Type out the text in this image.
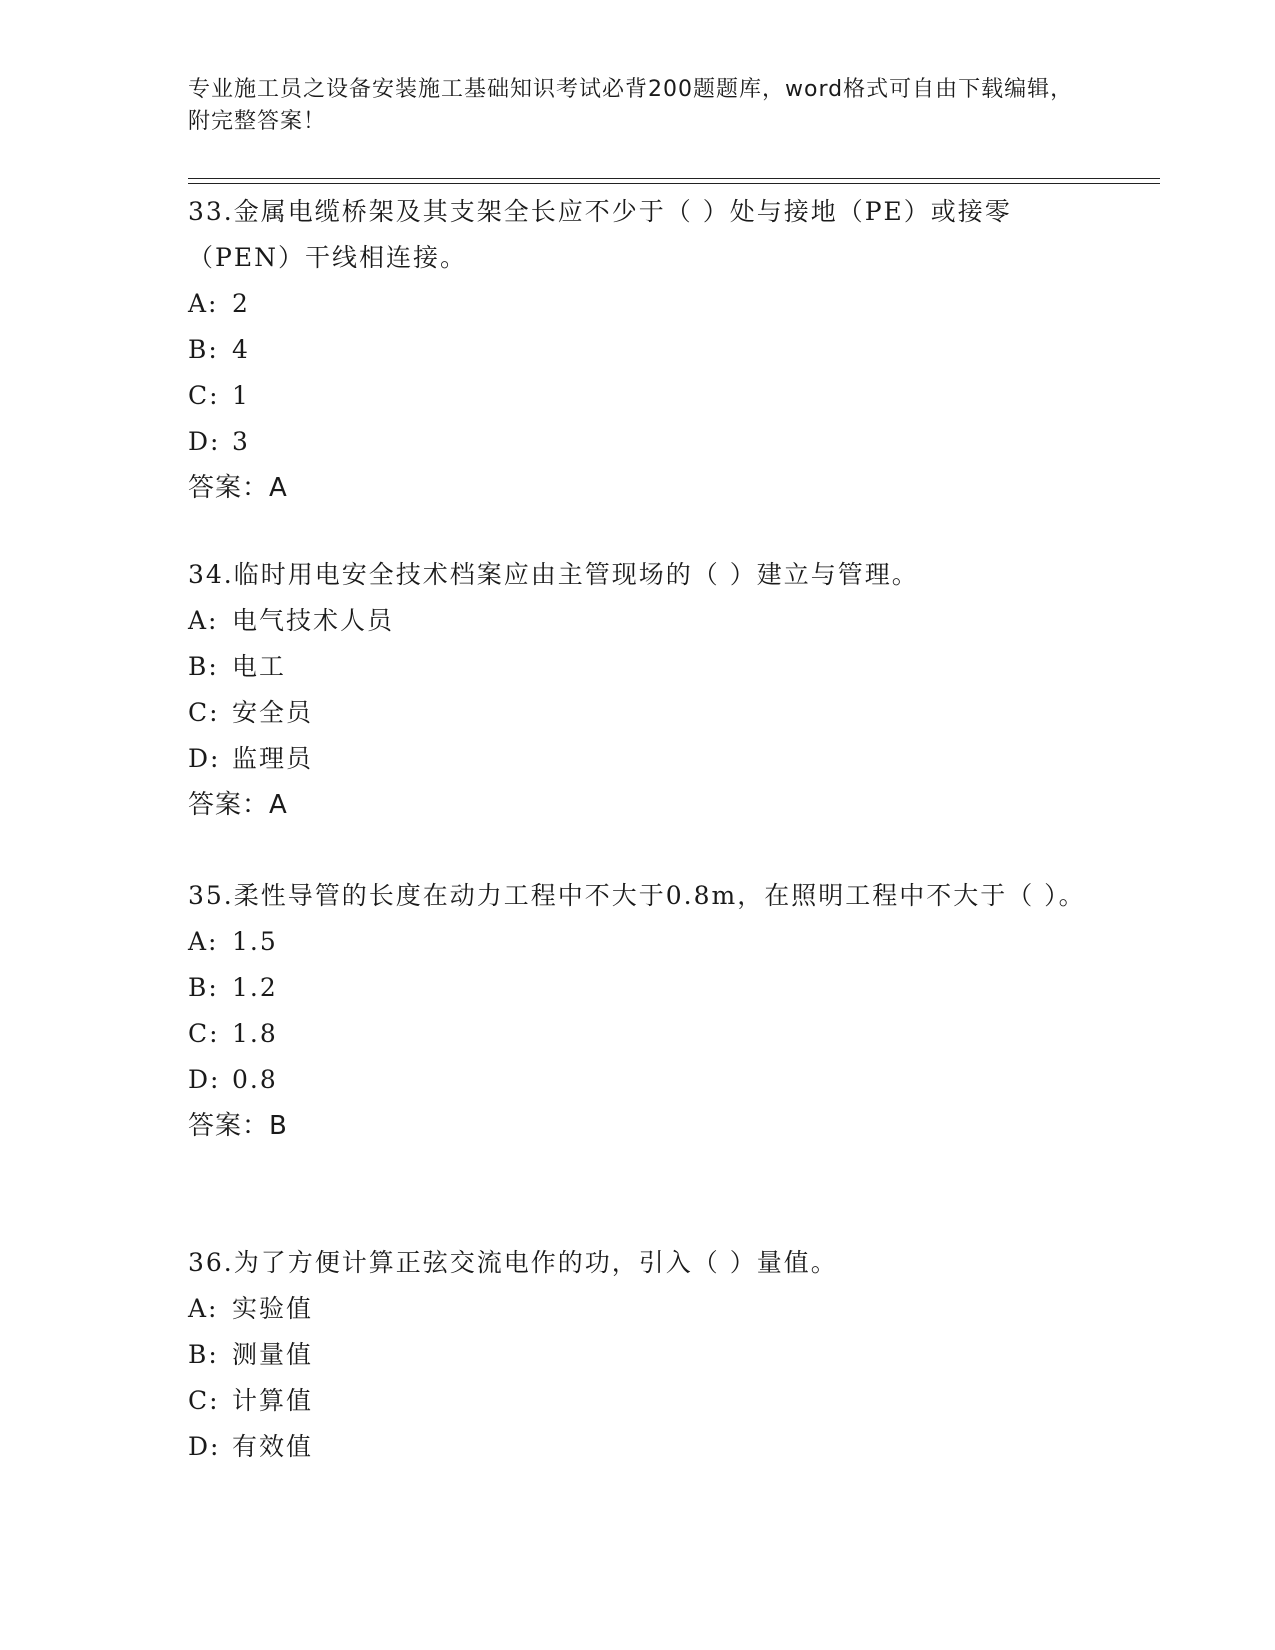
专业施工员之设备安装施工基础知识考试必背200题题库，word格式可自由下载编辑，附完整答案！

33.金属电缆桥架及其支架全长应不少于（ ）处与接地（PE）或接零（PEN）干线相连接。

A: 2
B: 4
C: 1
D: 3
答案：A

34.临时用电安全技术档案应由主管现场的（ ）建立与管理。

A: 电气技术人员
B: 电工
C: 安全员
D: 监理员
答案：A

35.柔性导管的长度在动力工程中不大于0.8m，在照明工程中不大于（ ）。

A: 1.5
B: 1.2
C: 1.8
D: 0.8
答案：B

36.为了方便计算正弦交流电作的功，引入（ ）量值。

A: 实验值
B: 测量值
C: 计算值
D: 有效值
